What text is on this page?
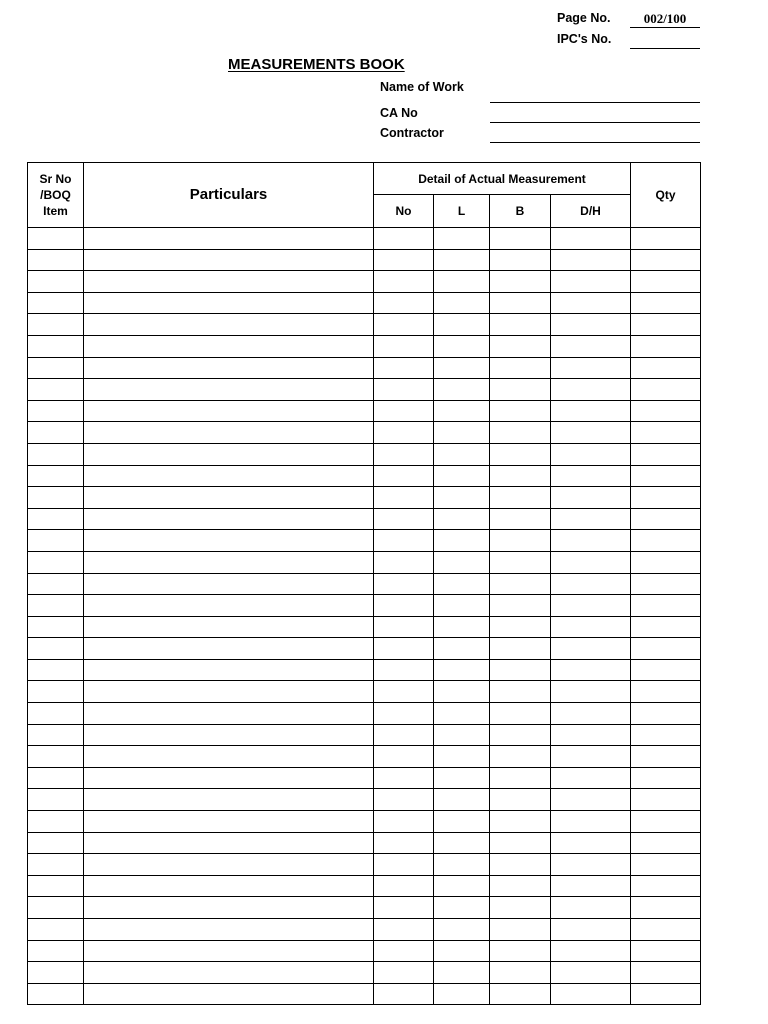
Page No.	002/100
IPC's No.
MEASUREMENTS BOOK
Name of Work
CA No
Contractor
Sr No /BOQ Item	Particulars	Detail of Actual Measurement				Qty
		No	L	B	D/H	
